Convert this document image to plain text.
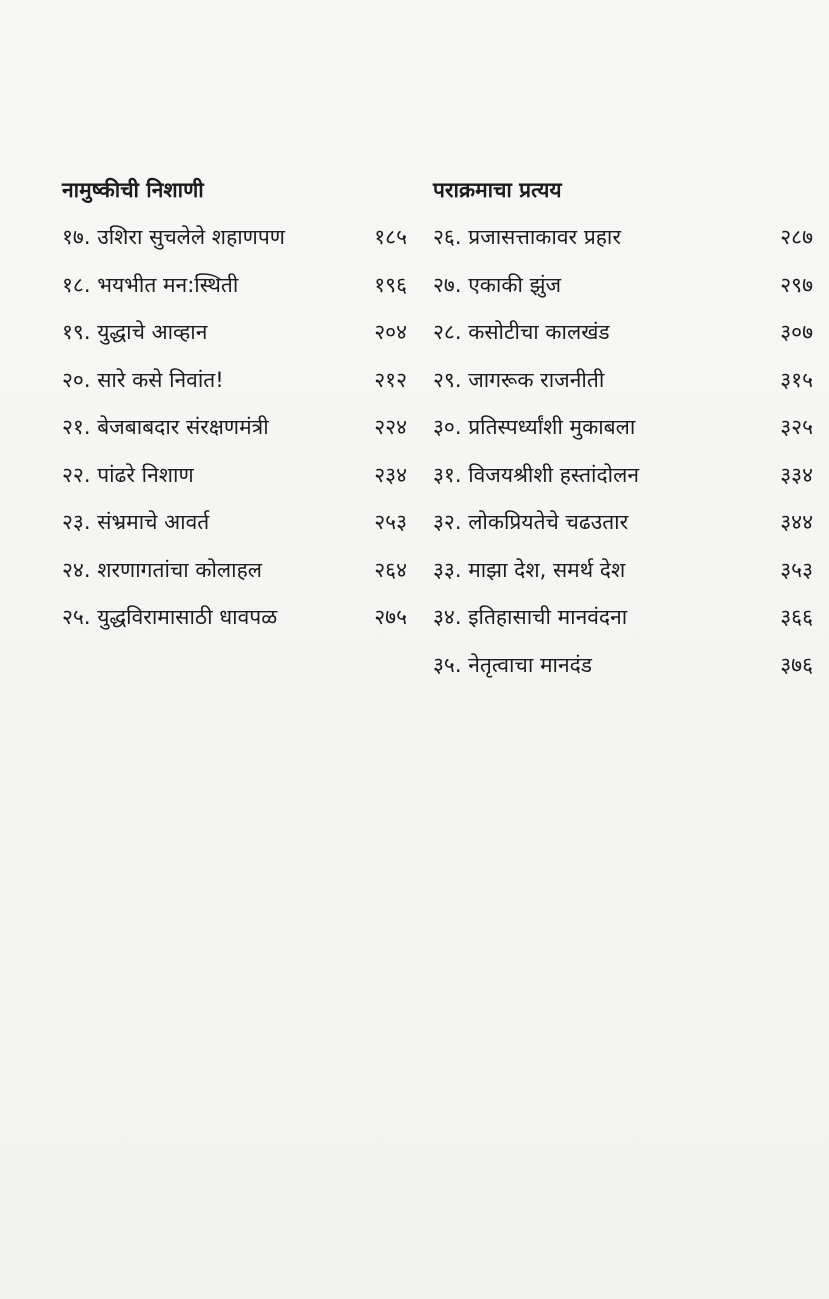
नामुष्कीची निशाणी
१७. उशिरा सुचलेले शहाणपण	१८५
१८. भयभीत मन:स्थिती	१९६
१९. युद्धाचे आव्हान	२०४
२०. सारे कसे निवांत!	२१२
२१. बेजबाबदार संरक्षणमंत्री	२२४
२२. पांढरे निशाण	२३४
२३. संभ्रमाचे आवर्त	२५३
२४. शरणागतांचा कोलाहल	२६४
२५. युद्धविरामासाठी धावपळ	२७५
पराक्रमाचा प्रत्यय
२६. प्रजासत्ताकावर प्रहार	२८७
२७. एकाकी झुंज	२९७
२८. कसोटीचा कालखंड	३०७
२९. जागरूक राजनीती	३१५
३०. प्रतिस्पर्ध्यांशी मुकाबला	३२५
३१. विजयश्रीशी हस्तांदोलन	३३४
३२. लोकप्रियतेचे चढउतार	३४४
३३. माझा देश, समर्थ देश	३५३
३४. इतिहासाची मानवंदना	३६६
३५. नेतृत्वाचा मानदंड	३७६
